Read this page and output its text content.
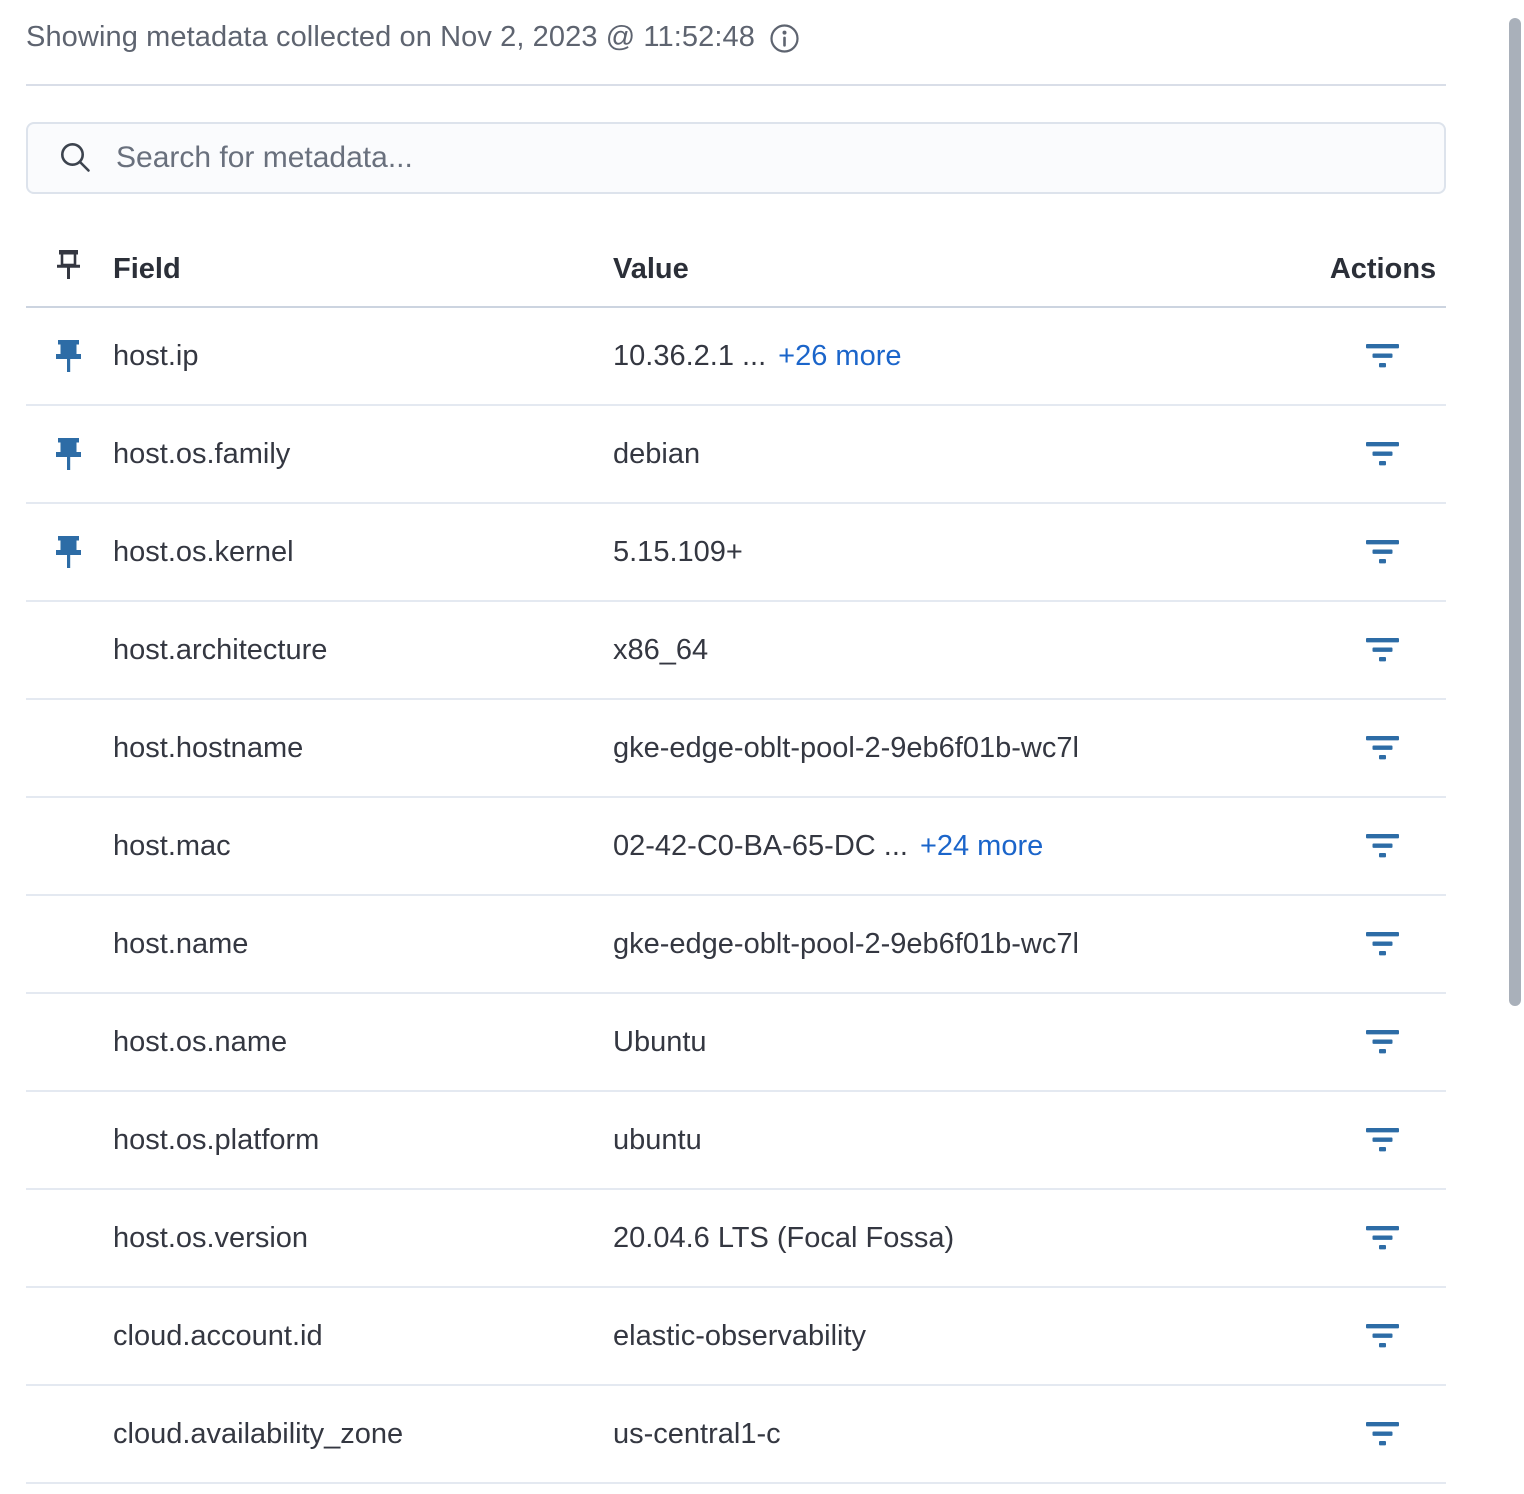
Showing metadata collected on Nov 2, 2023 @ 11:52:48
Search for metadata...
Field	Value	Actions
host.ip	10.36.2.1 ... +26 more
host.os.family	debian
host.os.kernel	5.15.109+
host.architecture	x86_64
host.hostname	gke-edge-oblt-pool-2-9eb6f01b-wc7l
host.mac	02-42-C0-BA-65-DC ... +24 more
host.name	gke-edge-oblt-pool-2-9eb6f01b-wc7l
host.os.name	Ubuntu
host.os.platform	ubuntu
host.os.version	20.04.6 LTS (Focal Fossa)
cloud.account.id	elastic-observability
cloud.availability_zone	us-central1-c
